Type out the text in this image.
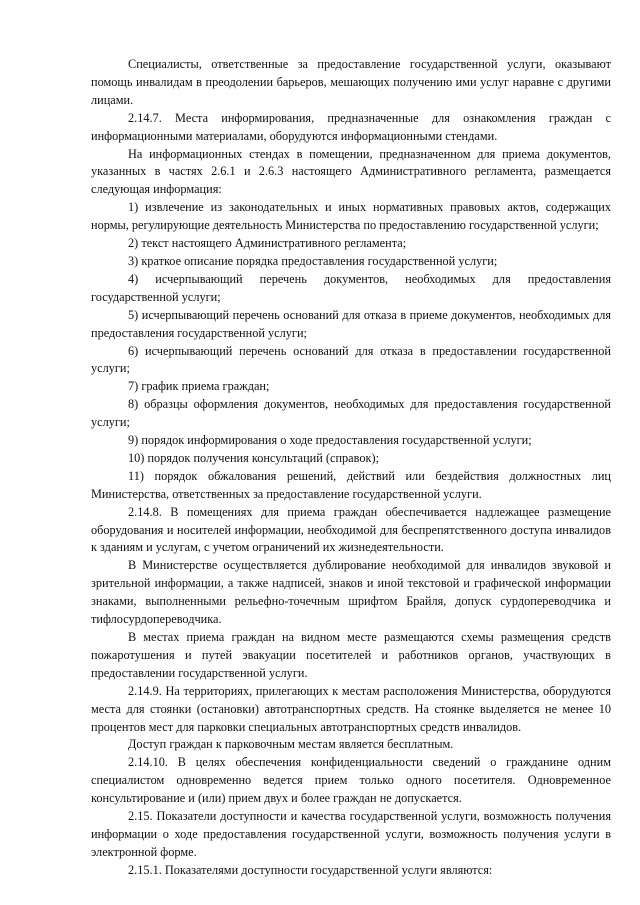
Специалисты, ответственные за предоставление государственной услуги, оказывают помощь инвалидам в преодолении барьеров, мешающих получению ими услуг наравне с другими лицами.

2.14.7. Места информирования, предназначенные для ознакомления граждан с информационными материалами, оборудуются информационными стендами.

На информационных стендах в помещении, предназначенном для приема документов, указанных в частях 2.6.1 и 2.6.3 настоящего Административного регламента, размещается следующая информация:

1) извлечение из законодательных и иных нормативных правовых актов, содержащих нормы, регулирующие деятельность Министерства по предоставлению государственной услуги;

2) текст настоящего Административного регламента;

3) краткое описание порядка предоставления государственной услуги;

4) исчерпывающий перечень документов, необходимых для предоставления государственной услуги;

5) исчерпывающий перечень оснований для отказа в приеме документов, необходимых для предоставления государственной услуги;

6) исчерпывающий перечень оснований для отказа в предоставлении государственной услуги;

7) график приема граждан;

8) образцы оформления документов, необходимых для предоставления государственной услуги;

9) порядок информирования о ходе предоставления государственной услуги;

10) порядок получения консультаций (справок);

11) порядок обжалования решений, действий или бездействия должностных лиц Министерства, ответственных за предоставление государственной услуги.

2.14.8. В помещениях для приема граждан обеспечивается надлежащее размещение оборудования и носителей информации, необходимой для беспрепятственного доступа инвалидов к зданиям и услугам, с учетом ограничений их жизнедеятельности.

В Министерстве осуществляется дублирование необходимой для инвалидов звуковой и зрительной информации, а также надписей, знаков и иной текстовой и графической информации знаками, выполненными рельефно-точечным шрифтом Брайля, допуск сурдопереводчика и тифлосурдопереводчика.

В местах приема граждан на видном месте размещаются схемы размещения средств пожаротушения и путей эвакуации посетителей и работников органов, участвующих в предоставлении государственной услуги.

2.14.9. На территориях, прилегающих к местам расположения Министерства, оборудуются места для стоянки (остановки) автотранспортных средств. На стоянке выделяется не менее 10 процентов мест для парковки специальных автотранспортных средств инвалидов.

Доступ граждан к парковочным местам является бесплатным.

2.14.10. В целях обеспечения конфиденциальности сведений о гражданине одним специалистом одновременно ведется прием только одного посетителя. Одновременное консультирование и (или) прием двух и более граждан не допускается.

2.15. Показатели доступности и качества государственной услуги, возможность получения информации о ходе предоставления государственной услуги, возможность получения услуги в электронной форме.

2.15.1. Показателями доступности государственной услуги являются:
